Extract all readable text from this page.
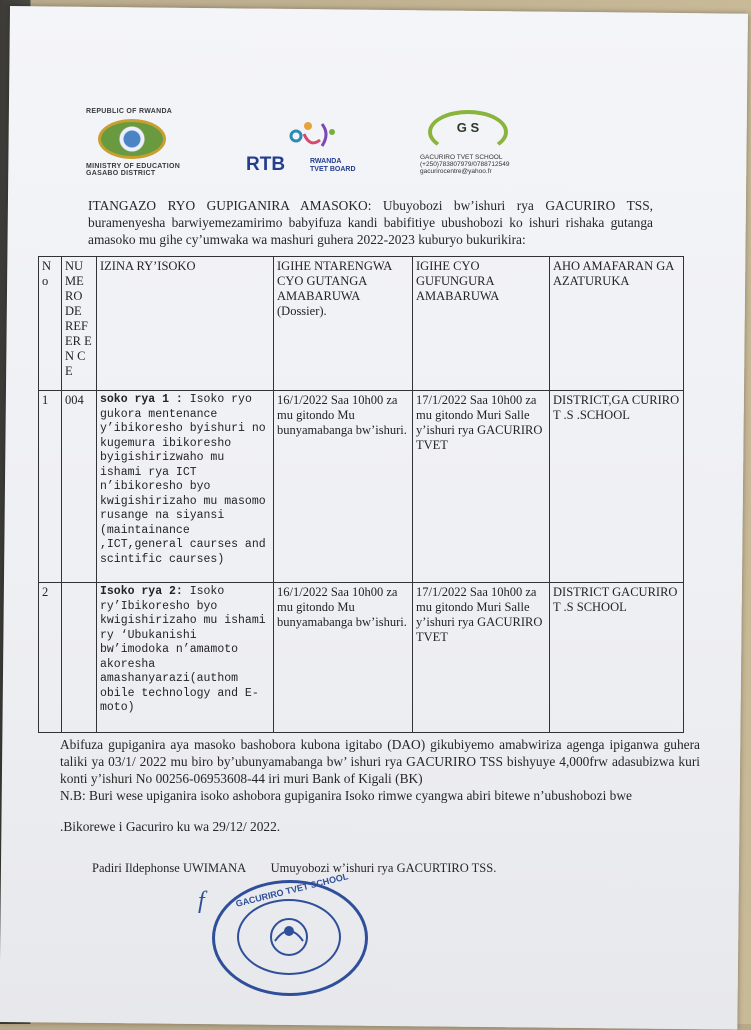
REPUBLIC OF RWANDA
MINISTRY OF EDUCATION
GASABO DISTRICT	RTB	RWANDA
TVET BOARD
G S
GACURIRO TVET SCHOOL
(+250)783807979/0788712549
gacurirocentre@yahoo.fr
ITANGAZO RYO GUPIGANIRA AMASOKO: Ubuyobozi bw’ishuri rya GACURIRO TSS, buramenyesha barwiyemezamirimo babyifuza kandi babifitiye ubushobozi ko ishuri rishaka gutanga amasoko mu gihe cy’umwaka wa mashuri guhera 2022-2023 kuburyo bukurikira:
N o	NU ME RO DE REF ER EN CE	IZINA RY’ISOKO	IGIHE NTARENGWA CYO GUTANGA AMABARUWA (Dossier).	IGIHE CYO GUFUNGURA AMABARUWA	AHO AMAFARAN GA AZATURUKA
1	004	soko rya 1 : Isoko ryo gukora mentenance y’ibikoresho byishuri no kugemura ibikoresho byigishirizwaho mu ishami rya ICT n’ibikoresho byo kwigishirizaho mu masomo rusange na siyansi (maintainance ,ICT,general caurses and scintific caurses)	16/1/2022 Saa 10h00 za mu gitondo Mu bunyamabanga bw’ishuri.	17/1/2022 Saa 10h00 za mu gitondo Muri Salle y’ishuri rya GACURIRO TVET	DISTRICT,GA CURIRO T .S .SCHOOL
2		Isoko rya 2: Isoko ry’Ibikoresho byo kwigishirizaho mu ishami ry ‘Ubukanishi bw’imodoka n’amamoto akoresha amashanyarazi(authom obile technology and E-moto)	16/1/2022 Saa 10h00 za mu gitondo Mu bunyamabanga bw’ishuri.	17/1/2022 Saa 10h00 za mu gitondo Muri Salle y’ishuri rya GACURIRO TVET	DISTRICT GACURIRO T .S SCHOOL
Abifuza gupiganira aya masoko bashobora kubona igitabo (DAO) gikubiyemo amabwiriza agenga ipiganwa guhera taliki ya 03/1/ 2022 mu biro by’ubunyamabanga bw’ ishuri rya GACURIRO TSS bishyuye 4,000frw adasubizwa kuri konti y’ishuri No 00256-06953608-44 iri muri Bank of Kigali (BK)
N.B: Buri wese upiganira isoko ashobora gupiganira Isoko rimwe cyangwa abiri bitewe n’ubushobozi bwe
.Bikorewe i Gacuriro ku wa 29/12/ 2022.
Padiri Ildephonse UWIMANA Umuyobozi w’ishuri rya GACURTIRO TSS.
GACURIRO TVET SCHOOL
f
